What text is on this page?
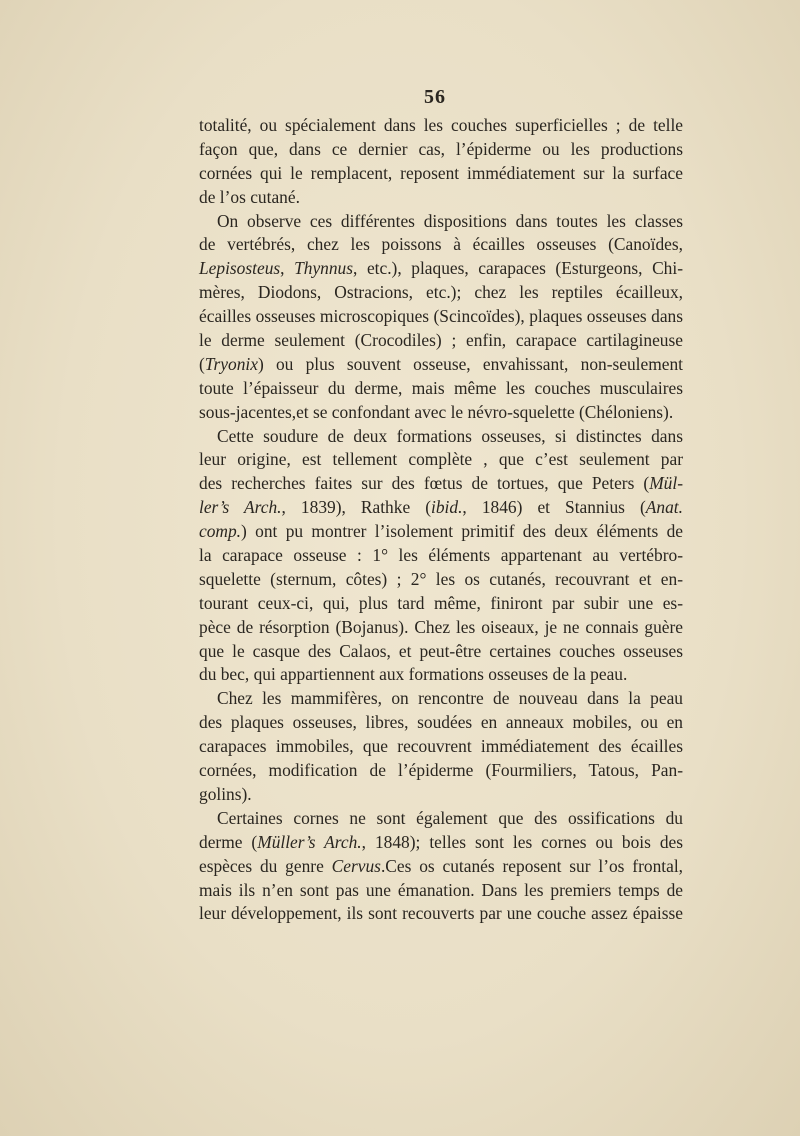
56
totalité, ou spécialement dans les couches superficielles ; de telle
façon que, dans ce dernier cas, l’épiderme ou les productions
cornées qui le remplacent, reposent immédiatement sur la surface
de l’os cutané.
On observe ces différentes dispositions dans toutes les classes
de vertébrés, chez les poissons à écailles osseuses (Canoïdes,
Lepisosteus, Thynnus, etc.), plaques, carapaces (Esturgeons, Chi-
mères, Diodons, Ostracions, etc.); chez les reptiles écailleux,
écailles osseuses microscopiques (Scincoïdes), plaques osseuses dans
le derme seulement (Crocodiles) ; enfin, carapace cartilagineuse
(Tryonix) ou plus souvent osseuse, envahissant, non-seulement
toute l’épaisseur du derme, mais même les couches musculaires
sous-jacentes,et se confondant avec le névro-squelette (Chéloniens).
Cette soudure de deux formations osseuses, si distinctes dans
leur origine, est tellement complète , que c’est seulement par
des recherches faites sur des fœtus de tortues, que Peters (Mül-
ler’s Arch., 1839), Rathke (ibid., 1846) et Stannius (Anat.
comp.) ont pu montrer l’isolement primitif des deux éléments de
la carapace osseuse : 1° les éléments appartenant au vertébro-
squelette (sternum, côtes) ; 2° les os cutanés, recouvrant et en-
tourant ceux-ci, qui, plus tard même, finiront par subir une es-
pèce de résorption (Bojanus). Chez les oiseaux, je ne connais guère
que le casque des Calaos, et peut-être certaines couches osseuses
du bec, qui appartiennent aux formations osseuses de la peau.
Chez les mammifères, on rencontre de nouveau dans la peau
des plaques osseuses, libres, soudées en anneaux mobiles, ou en
carapaces immobiles, que recouvrent immédiatement des écailles
cornées, modification de l’épiderme (Fourmiliers, Tatous, Pan-
golins).
Certaines cornes ne sont également que des ossifications du
derme (Müller’s Arch., 1848); telles sont les cornes ou bois des
espèces du genre Cervus.Ces os cutanés reposent sur l’os frontal,
mais ils n’en sont pas une émanation. Dans les premiers temps de
leur développement, ils sont recouverts par une couche assez épaisse
